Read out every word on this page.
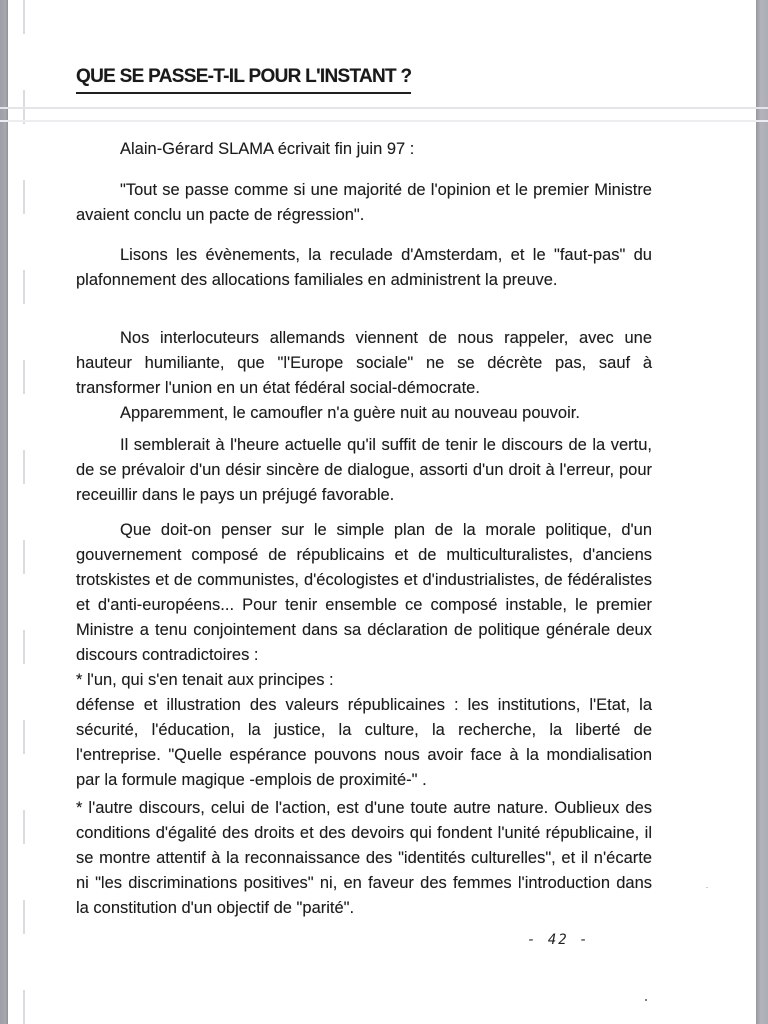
QUE SE PASSE-T-IL POUR L'INSTANT ?
Alain-Gérard SLAMA écrivait fin juin 97 :
"Tout se passe comme si une majorité de l'opinion et le premier Ministre avaient conclu un pacte de régression".
Lisons les évènements, la reculade d'Amsterdam, et le "faut-pas" du plafonnement des allocations familiales en administrent la preuve.
Nos interlocuteurs allemands viennent de nous rappeler, avec une hauteur humiliante, que "l'Europe sociale" ne se décrète pas, sauf à transformer l'union en un état fédéral social-démocrate.
Apparemment, le camoufler n'a guère nuit au nouveau pouvoir.
Il semblerait à l'heure actuelle qu'il suffit de tenir le discours de la vertu, de se prévaloir d'un désir sincère de dialogue, assorti d'un droit à l'erreur, pour receuillir dans le pays un préjugé favorable.
Que doit-on penser sur le simple plan de la morale politique, d'un gouvernement composé de républicains et de multiculturalistes, d'anciens trotskistes et de communistes, d'écologistes et d'industrialistes, de fédéralistes et d'anti-européens... Pour tenir ensemble ce composé instable, le premier Ministre a tenu conjointement dans sa déclaration de politique générale deux discours contradictoires :
* l'un, qui s'en tenait aux principes :
défense et illustration des valeurs républicaines : les institutions, l'Etat, la sécurité, l'éducation, la justice, la culture, la recherche, la liberté de l'entreprise. "Quelle espérance pouvons nous avoir face à la mondialisation par la formule magique -emplois de proximité-" .
* l'autre discours, celui de l'action, est d'une toute autre nature. Oublieux des conditions d'égalité des droits et des devoirs qui fondent l'unité républicaine, il se montre attentif à la reconnaissance des "identités culturelles", et il n'écarte ni "les discriminations positives" ni, en faveur des femmes l'introduction dans la constitution d'un objectif de "parité".
- 42 -
